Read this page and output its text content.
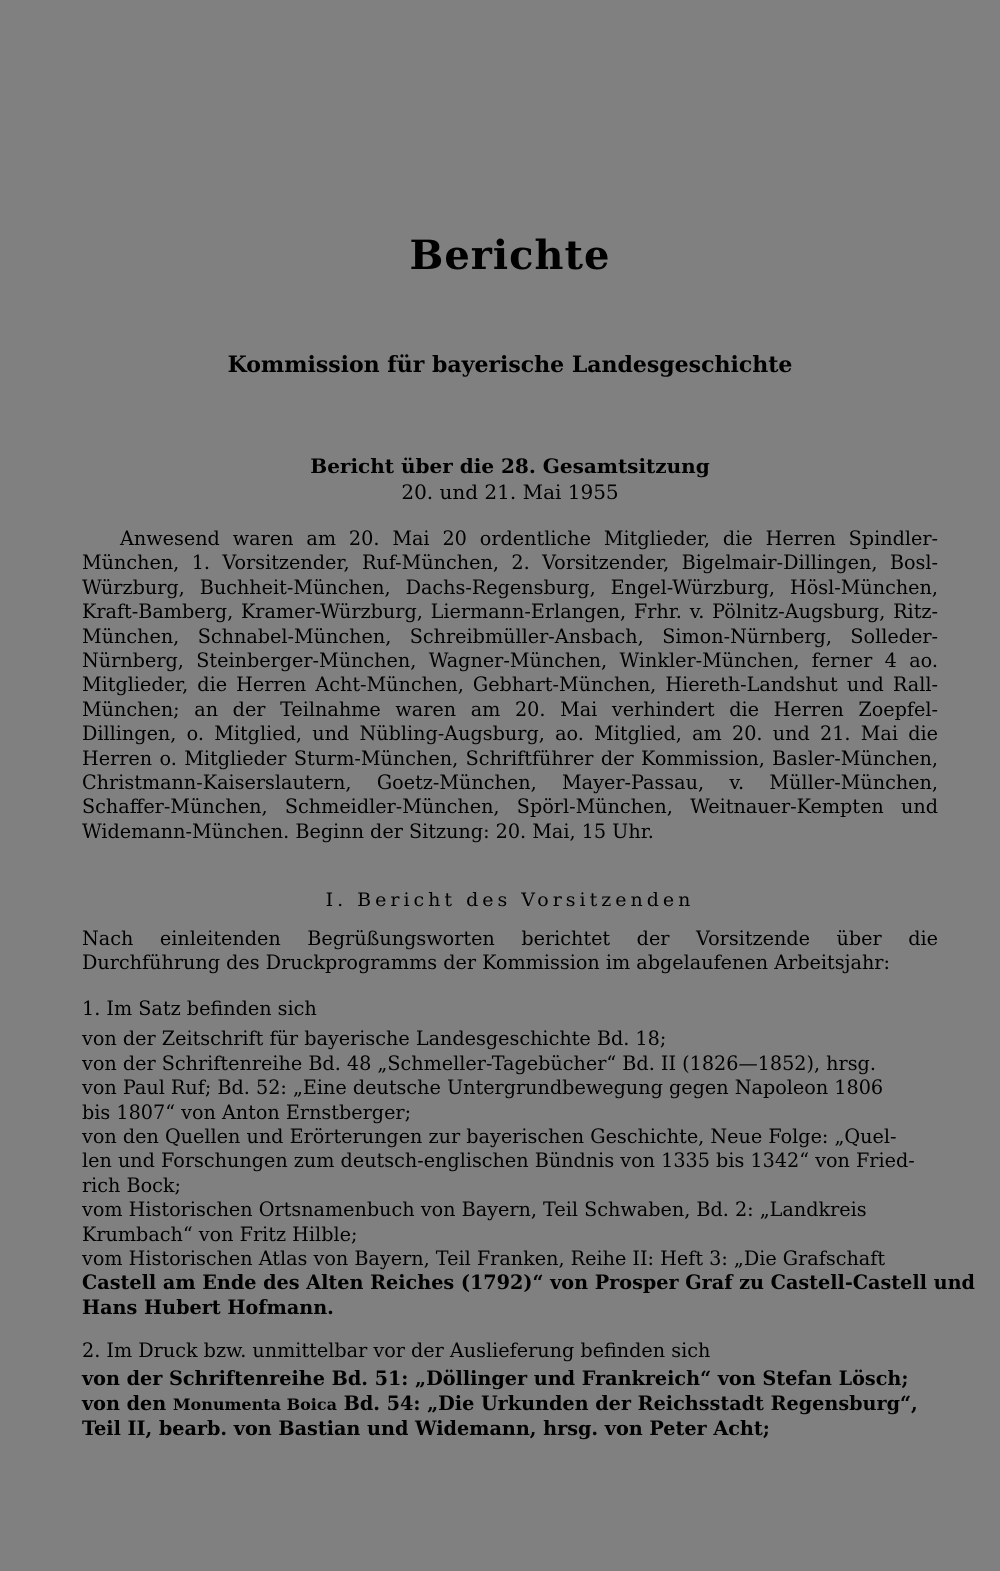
Berichte
Kommission für bayerische Landesgeschichte
Bericht über die 28. Gesamtsitzung
20. und 21. Mai 1955
Anwesend waren am 20. Mai 20 ordentliche Mitglieder, die Herren Spindler-München, 1. Vorsitzender, Ruf-München, 2. Vorsitzender, Bigelmair-Dillingen, Bosl-Würzburg, Buchheit-München, Dachs-Regensburg, Engel-Würzburg, Hösl-München, Kraft-Bamberg, Kramer-Würzburg, Liermann-Erlangen, Frhr. v. Pölnitz-Augsburg, Ritz-München, Schnabel-München, Schreibmüller-Ansbach, Simon-Nürnberg, Solleder-Nürnberg, Steinberger-München, Wagner-München, Winkler-München, ferner 4 ao. Mitglieder, die Herren Acht-München, Gebhart-München, Hiereth-Landshut und Rall-München; an der Teilnahme waren am 20. Mai verhindert die Herren Zoepfel-Dillingen, o. Mitglied, und Nübling-Augsburg, ao. Mitglied, am 20. und 21. Mai die Herren o. Mitglieder Sturm-München, Schriftführer der Kommission, Basler-München, Christmann-Kaiserslautern, Goetz-München, Mayer-Passau, v. Müller-München, Schaffer-München, Schmeidler-München, Spörl-München, Weitnauer-Kempten und Widemann-München. Beginn der Sitzung: 20. Mai, 15 Uhr.
I. Bericht des Vorsitzenden
Nach einleitenden Begrüßungsworten berichtet der Vorsitzende über die Durchführung des Druckprogramms der Kommission im abgelaufenen Arbeitsjahr:
1. Im Satz befinden sich
von der Zeitschrift für bayerische Landesgeschichte Bd. 18;
von der Schriftenreihe Bd. 48 „Schmeller-Tagebücher“ Bd. II (1826—1852), hrsg.
von Paul Ruf; Bd. 52: „Eine deutsche Untergrundbewegung gegen Napoleon 1806
bis 1807“ von Anton Ernstberger;
von den Quellen und Erörterungen zur bayerischen Geschichte, Neue Folge: „Quel-
len und Forschungen zum deutsch-englischen Bündnis von 1335 bis 1342“ von Fried-
rich Bock;
vom Historischen Ortsnamenbuch von Bayern, Teil Schwaben, Bd. 2: „Landkreis
Krumbach“ von Fritz Hilble;
vom Historischen Atlas von Bayern, Teil Franken, Reihe II: Heft 3: „Die Grafschaft
Castell am Ende des Alten Reiches (1792)“ von Prosper Graf zu Castell-Castell und
Hans Hubert Hofmann.
2. Im Druck bzw. unmittelbar vor der Auslieferung befinden sich
von der Schriftenreihe Bd. 51: „Döllinger und Frankreich“ von Stefan Lösch;
von den Monumenta Boica Bd. 54: „Die Urkunden der Reichsstadt Regensburg“,
Teil II, bearb. von Bastian und Widemann, hrsg. von Peter Acht;
